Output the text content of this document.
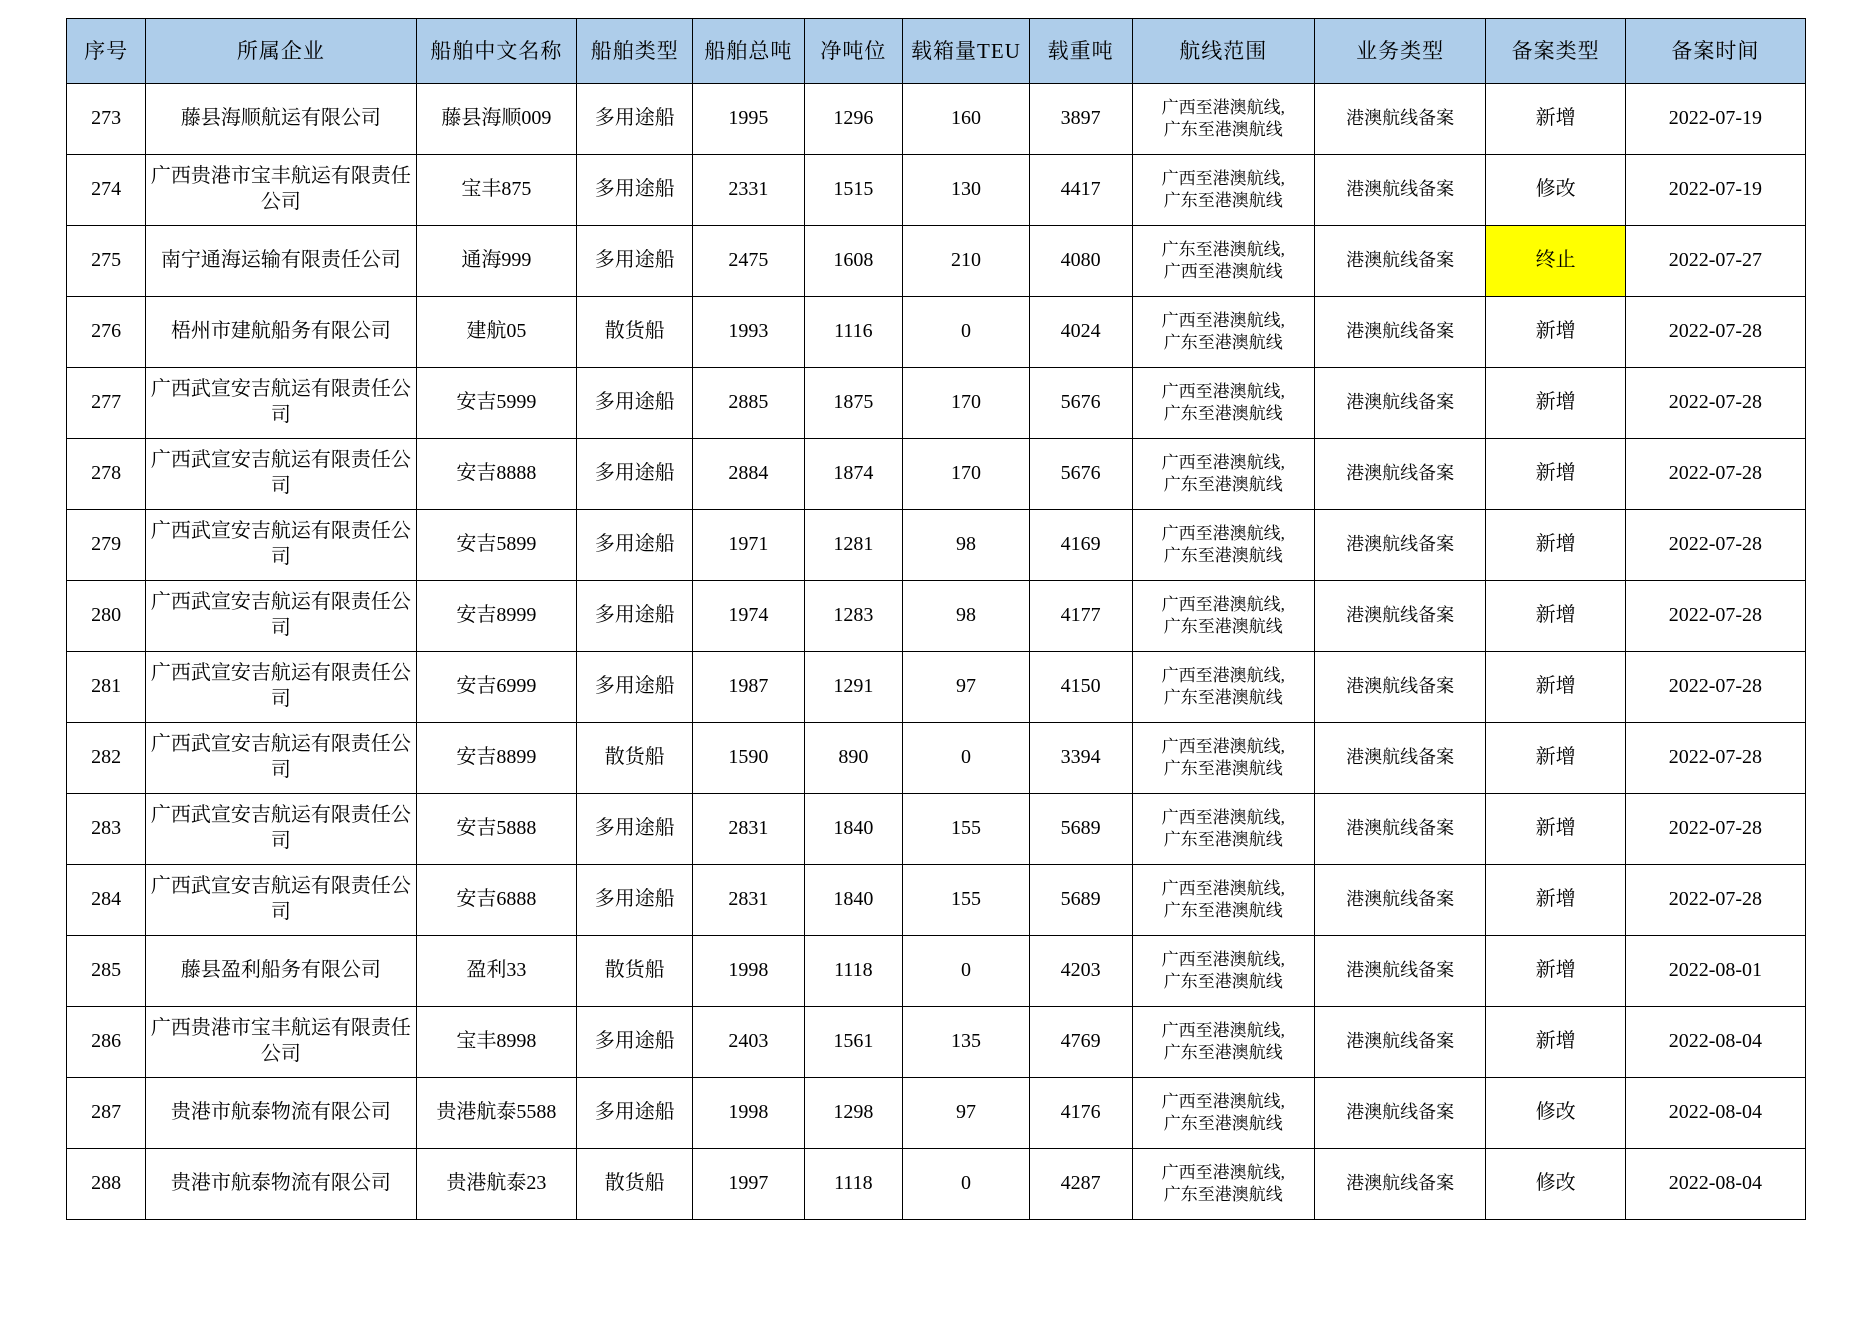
序号	所属企业	船舶中文名称	船舶类型	船舶总吨	净吨位	载箱量TEU	载重吨	航线范围	业务类型	备案类型	备案时间
273	藤县海顺航运有限公司	藤县海顺009	多用途船	1995	1296	160	3897	广西至港澳航线,
广东至港澳航线	港澳航线备案	新增	2022-07-19
274	广西贵港市宝丰航运有限责任公司	宝丰875	多用途船	2331	1515	130	4417	广西至港澳航线,
广东至港澳航线	港澳航线备案	修改	2022-07-19
275	南宁通海运输有限责任公司	通海999	多用途船	2475	1608	210	4080	广东至港澳航线,
广西至港澳航线	港澳航线备案	终止	2022-07-27
276	梧州市建航船务有限公司	建航05	散货船	1993	1116	0	4024	广西至港澳航线,
广东至港澳航线	港澳航线备案	新增	2022-07-28
277	广西武宣安吉航运有限责任公司	安吉5999	多用途船	2885	1875	170	5676	广西至港澳航线,
广东至港澳航线	港澳航线备案	新增	2022-07-28
278	广西武宣安吉航运有限责任公司	安吉8888	多用途船	2884	1874	170	5676	广西至港澳航线,
广东至港澳航线	港澳航线备案	新增	2022-07-28
279	广西武宣安吉航运有限责任公司	安吉5899	多用途船	1971	1281	98	4169	广西至港澳航线,
广东至港澳航线	港澳航线备案	新增	2022-07-28
280	广西武宣安吉航运有限责任公司	安吉8999	多用途船	1974	1283	98	4177	广西至港澳航线,
广东至港澳航线	港澳航线备案	新增	2022-07-28
281	广西武宣安吉航运有限责任公司	安吉6999	多用途船	1987	1291	97	4150	广西至港澳航线,
广东至港澳航线	港澳航线备案	新增	2022-07-28
282	广西武宣安吉航运有限责任公司	安吉8899	散货船	1590	890	0	3394	广西至港澳航线,
广东至港澳航线	港澳航线备案	新增	2022-07-28
283	广西武宣安吉航运有限责任公司	安吉5888	多用途船	2831	1840	155	5689	广西至港澳航线,
广东至港澳航线	港澳航线备案	新增	2022-07-28
284	广西武宣安吉航运有限责任公司	安吉6888	多用途船	2831	1840	155	5689	广西至港澳航线,
广东至港澳航线	港澳航线备案	新增	2022-07-28
285	藤县盈利船务有限公司	盈利33	散货船	1998	1118	0	4203	广西至港澳航线,
广东至港澳航线	港澳航线备案	新增	2022-08-01
286	广西贵港市宝丰航运有限责任公司	宝丰8998	多用途船	2403	1561	135	4769	广西至港澳航线,
广东至港澳航线	港澳航线备案	新增	2022-08-04
287	贵港市航泰物流有限公司	贵港航泰5588	多用途船	1998	1298	97	4176	广西至港澳航线,
广东至港澳航线	港澳航线备案	修改	2022-08-04
288	贵港市航泰物流有限公司	贵港航泰23	散货船	1997	1118	0	4287	广西至港澳航线,
广东至港澳航线	港澳航线备案	修改	2022-08-04
